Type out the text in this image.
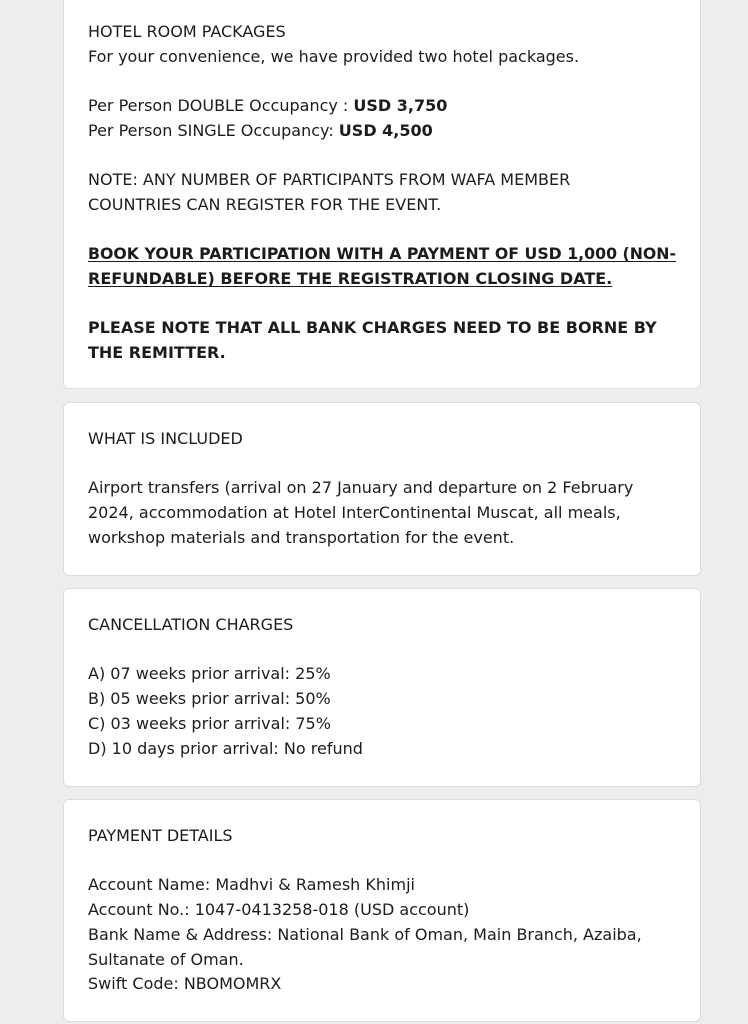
HOTEL ROOM PACKAGES
For your convenience, we have provided two hotel packages.
Per Person DOUBLE Occupancy : USD 3,750
Per Person SINGLE Occupancy: USD 4,500
NOTE: ANY NUMBER OF PARTICIPANTS FROM WAFA MEMBER
COUNTRIES CAN REGISTER FOR THE EVENT.
BOOK YOUR PARTICIPATION WITH A PAYMENT OF USD 1,000 (NON-
REFUNDABLE) BEFORE THE REGISTRATION CLOSING DATE.
PLEASE NOTE THAT ALL BANK CHARGES NEED TO BE BORNE BY
THE REMITTER.
WHAT IS INCLUDED
Airport transfers (arrival on 27 January and departure on 2 February
2024, accommodation at Hotel InterContinental Muscat, all meals,
workshop materials and transportation for the event.
CANCELLATION CHARGES
A) 07 weeks prior arrival: 25%
B) 05 weeks prior arrival: 50%
C) 03 weeks prior arrival: 75%
D) 10 days prior arrival: No refund
PAYMENT DETAILS
Account Name: Madhvi & Ramesh Khimji
Account No.: 1047-0413258-018 (USD account)
Bank Name & Address: National Bank of Oman, Main Branch, Azaiba,
Sultanate of Oman.
Swift Code: NBOMOMRX
